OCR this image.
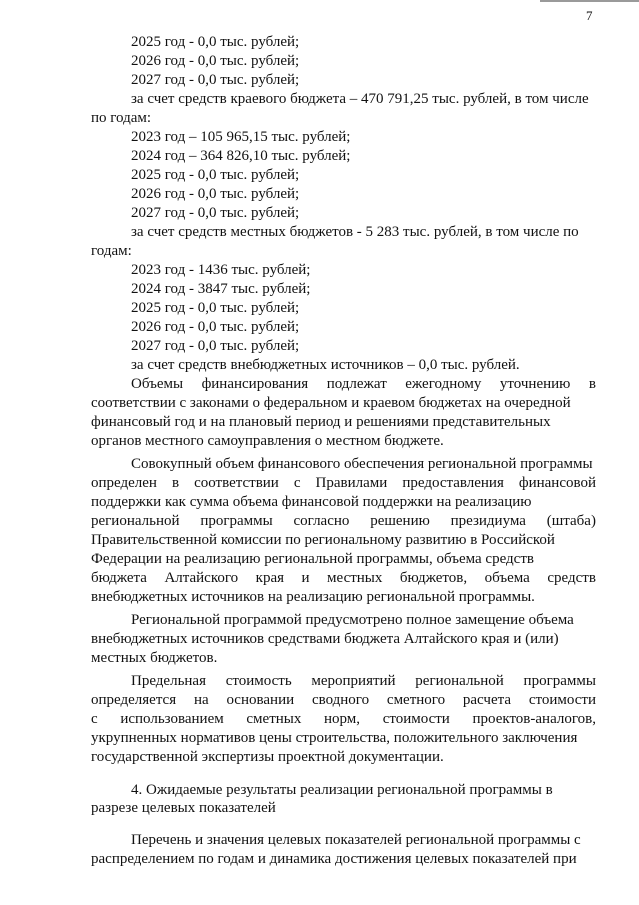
7
2025 год - 0,0 тыс. рублей;
2026 год - 0,0 тыс. рублей;
2027 год - 0,0 тыс. рублей;
за счет средств краевого бюджета – 470 791,25 тыс. рублей, в том числе
по годам:
2023 год – 105 965,15 тыс. рублей;
2024 год – 364 826,10 тыс. рублей;
2025 год - 0,0 тыс. рублей;
2026 год - 0,0 тыс. рублей;
2027 год - 0,0 тыс. рублей;
за счет средств местных бюджетов - 5 283 тыс. рублей, в том числе по
годам:
2023 год - 1436 тыс. рублей;
2024 год - 3847 тыс. рублей;
2025 год - 0,0 тыс. рублей;
2026 год - 0,0 тыс. рублей;
2027 год - 0,0 тыс. рублей;
за счет средств внебюджетных источников – 0,0 тыс. рублей.
Объемы финансирования подлежат ежегодному уточнению в
соответствии с законами о федеральном и краевом бюджетах на очередной
финансовый год и на плановый период и решениями представительных
органов местного самоуправления о местном бюджете.
Совокупный объем финансового обеспечения региональной программы
определен в соответствии с Правилами предоставления финансовой
поддержки как сумма объема финансовой поддержки на реализацию
региональной программы согласно решению президиума (штаба)
Правительственной комиссии по региональному развитию в Российской
Федерации на реализацию региональной программы, объема средств
бюджета Алтайского края и местных бюджетов, объема средств
внебюджетных источников на реализацию региональной программы.
Региональной программой предусмотрено полное замещение объема
внебюджетных источников средствами бюджета Алтайского края и (или)
местных бюджетов.
Предельная стоимость мероприятий региональной программы
определяется на основании сводного сметного расчета стоимости
с использованием сметных норм, стоимости проектов-аналогов,
укрупненных нормативов цены строительства, положительного заключения
государственной экспертизы проектной документации.
4. Ожидаемые результаты реализации региональной программы в
разрезе целевых показателей
Перечень и значения целевых показателей региональной программы с
распределением по годам и динамика достижения целевых показателей при
